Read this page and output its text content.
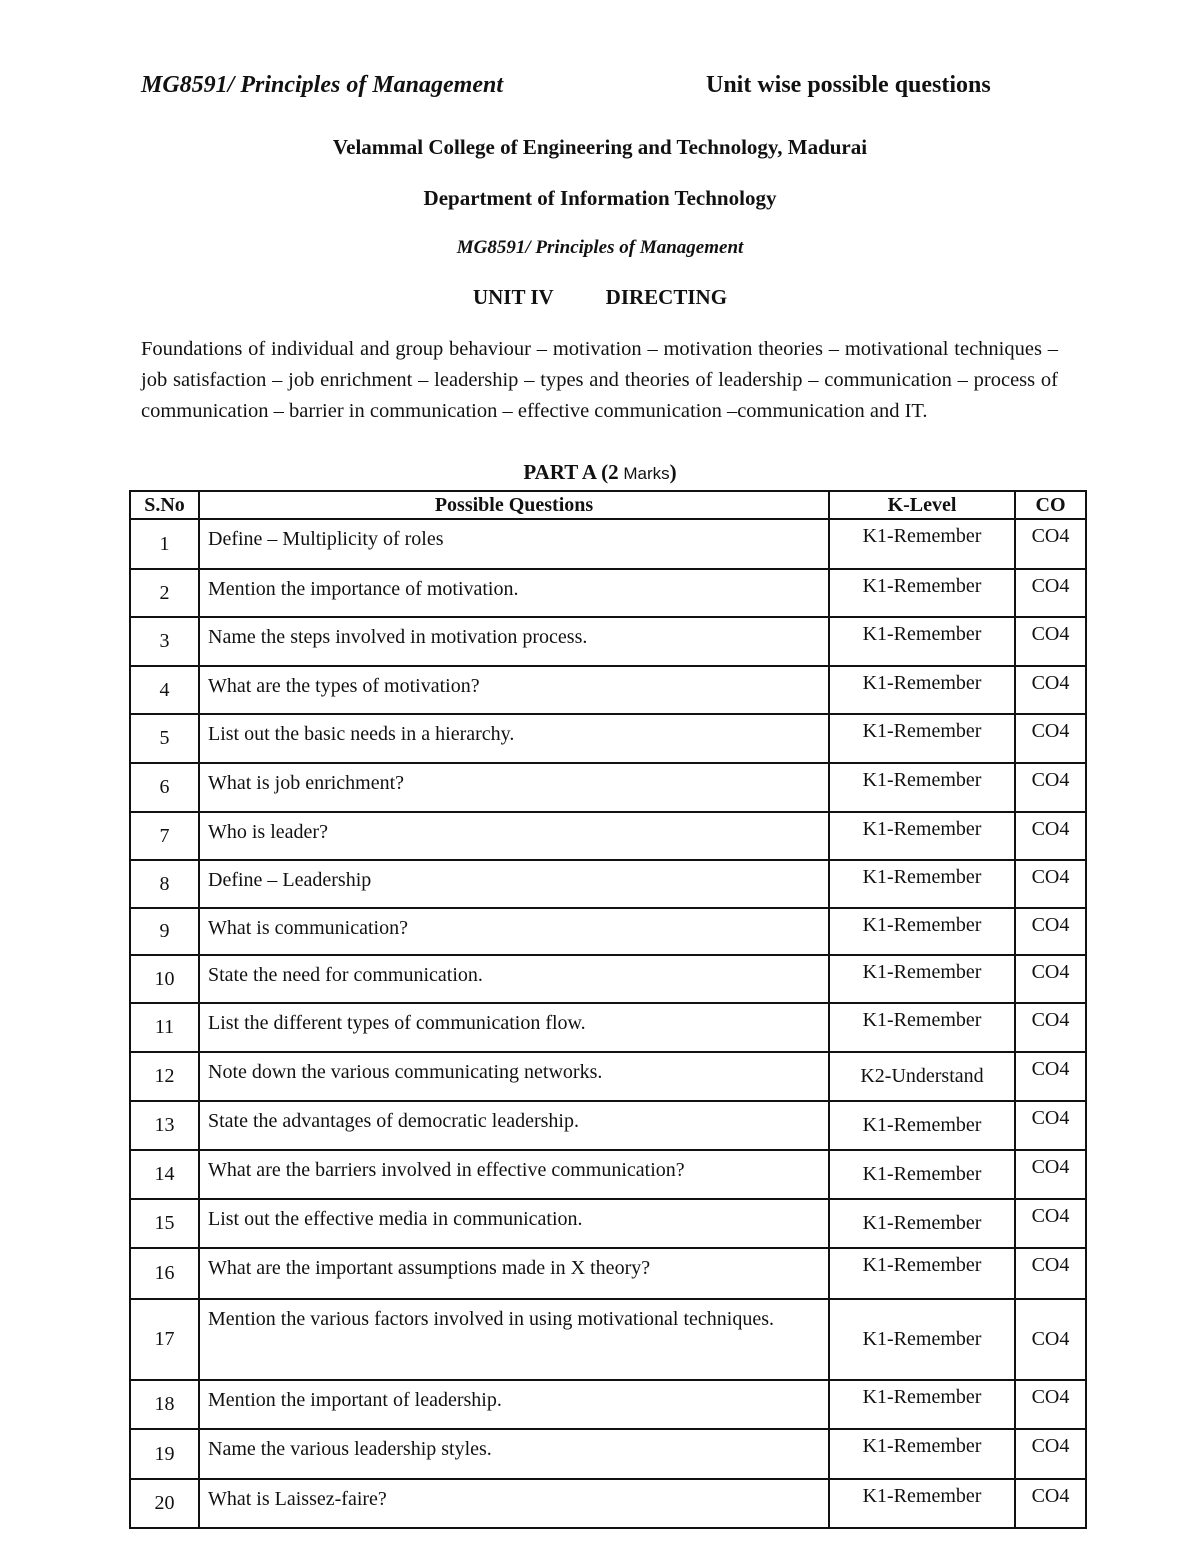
MG8591/ Principles of Management	Unit wise possible questions
Velammal College of Engineering and Technology, Madurai
Department of Information Technology
MG8591/ Principles of Management
UNIT IV DIRECTING
Foundations of individual and group behaviour – motivation – motivation theories – motivational techniques – job satisfaction – job enrichment – leadership – types and theories of leadership – communication – process of communication – barrier in communication – effective communication –communication and IT.
PART A (2 Marks)
S.No	Possible Questions	K-Level	CO
1	Define – Multiplicity of roles	K1-Remember	CO4
2	Mention the importance of motivation.	K1-Remember	CO4
3	Name the steps involved in motivation process.	K1-Remember	CO4
4	What are the types of motivation?	K1-Remember	CO4
5	List out the basic needs in a hierarchy.	K1-Remember	CO4
6	What is job enrichment?	K1-Remember	CO4
7	Who is leader?	K1-Remember	CO4
8	Define – Leadership	K1-Remember	CO4
9	What is communication?	K1-Remember	CO4
10	State the need for communication.	K1-Remember	CO4
11	List the different types of communication flow.	K1-Remember	CO4
12	Note down the various communicating networks.	K2-Understand	CO4
13	State the advantages of democratic leadership.	K1-Remember	CO4
14	What are the barriers involved in effective communication?	K1-Remember	CO4
15	List out the effective media in communication.	K1-Remember	CO4
16	What are the important assumptions made in X theory?	K1-Remember	CO4
17	Mention the various factors involved in using motivational techniques.	K1-Remember	CO4
18	Mention the important of leadership.	K1-Remember	CO4
19	Name the various leadership styles.	K1-Remember	CO4
20	What is Laissez-faire?	K1-Remember	CO4
